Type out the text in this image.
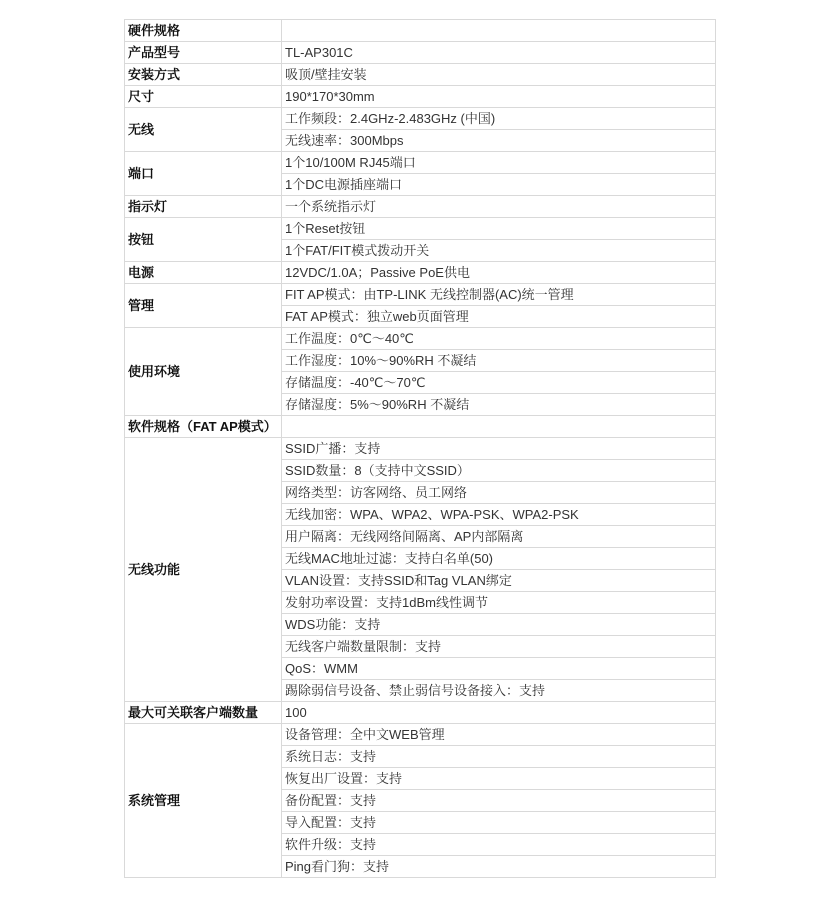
硬件规格	
产品型号	TL-AP301C
安装方式	吸顶/壁挂安装
尺寸	190*170*30mm
无线	工作频段：2.4GHz-2.483GHz (中国)
	无线速率：300Mbps
端口	1个10/100M RJ45端口
	1个DC电源插座端口
指示灯	一个系统指示灯
按钮	1个Reset按钮
	1个FAT/FIT模式拨动开关
电源	12VDC/1.0A；Passive PoE供电
管理	FIT AP模式：由TP-LINK 无线控制器(AC)统一管理
	FAT AP模式：独立web页面管理
使用环境	工作温度：0℃～40℃
	工作湿度：10%～90%RH 不凝结
	存储温度：-40℃～70℃
	存储湿度：5%～90%RH 不凝结
软件规格（FAT AP模式）	
无线功能	SSID广播：支持
	SSID数量：8（支持中文SSID）
	网络类型：访客网络、员工网络
	无线加密：WPA、WPA2、WPA-PSK、WPA2-PSK
	用户隔离：无线网络间隔离、AP内部隔离
	无线MAC地址过滤：支持白名单(50)
	VLAN设置：支持SSID和Tag VLAN绑定
	发射功率设置：支持1dBm线性调节
	WDS功能：支持
	无线客户端数量限制：支持
	QoS：WMM
	踢除弱信号设备、禁止弱信号设备接入：支持
最大可关联客户端数量	100
系统管理	设备管理：全中文WEB管理
	系统日志：支持
	恢复出厂设置：支持
	备份配置：支持
	导入配置：支持
	软件升级：支持
	Ping看门狗：支持
